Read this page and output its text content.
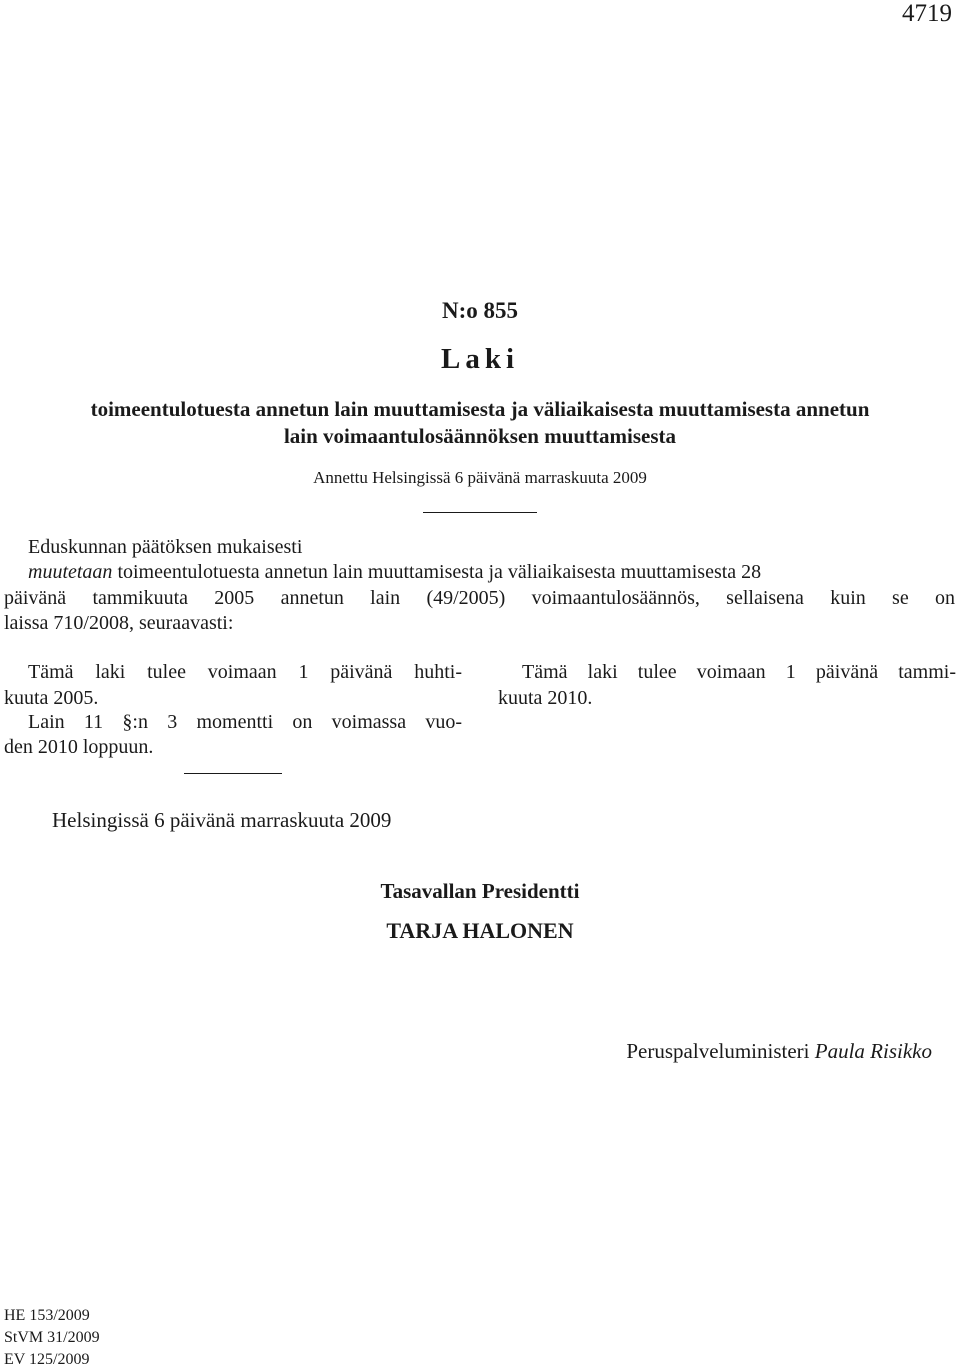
4719
N:o 855
Laki
toimeentulotuesta annetun lain muuttamisesta ja väliaikaisesta muuttamisesta annetun
lain voimaantulosäännöksen muuttamisesta
Annettu Helsingissä 6 päivänä marraskuuta 2009
Eduskunnan päätöksen mukaisesti
muutetaan toimeentulotuesta annetun lain muuttamisesta ja väliaikaisesta muuttamisesta 28
päivänä tammikuuta 2005 annetun lain (49/2005) voimaantulosäännös, sellaisena kuin se on
laissa 710/2008, seuraavasti:
Tämä laki tulee voimaan 1 päivänä huhti-
kuuta 2005.
Lain 11 §:n 3 momentti on voimassa vuo-
den 2010 loppuun.
Tämä laki tulee voimaan 1 päivänä tammi-
kuuta 2010.
Helsingissä 6 päivänä marraskuuta 2009
Tasavallan Presidentti
TARJA HALONEN
Peruspalveluministeri Paula Risikko
HE 153/2009
StVM 31/2009
EV 125/2009
